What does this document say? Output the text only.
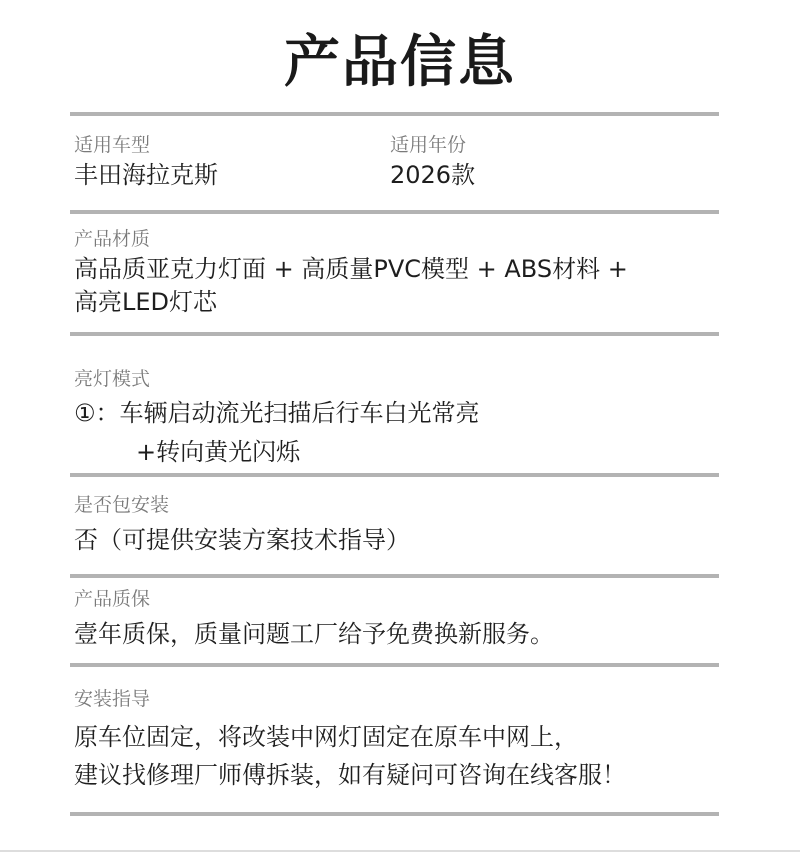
产品信息
适用车型
丰田海拉克斯
适用年份
2026款
产品材质
高品质亚克力灯面 + 高质量PVC模型 + ABS材料 +
高亮LED灯芯
亮灯模式
①：车辆启动流光扫描后行车白光常亮
+转向黄光闪烁
是否包安装
否（可提供安装方案技术指导）
产品质保
壹年质保，质量问题工厂给予免费换新服务。
安装指导
原车位固定，将改装中网灯固定在原车中网上，
建议找修理厂师傅拆装，如有疑问可咨询在线客服！
